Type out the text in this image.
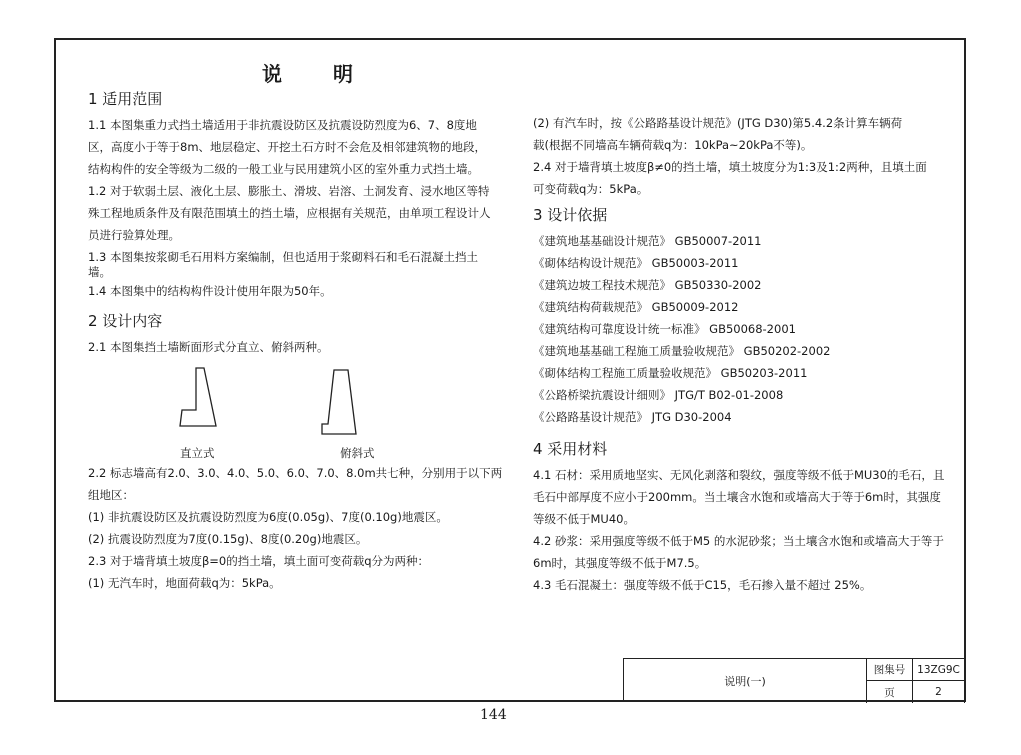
说 明
1 适用范围

1.1 本图集重力式挡土墙适用于非抗震设防区及抗震设防烈度为6、7、8度地

区，高度小于等于8m、地层稳定、开挖土石方时不会危及相邻建筑物的地段，

结构构件的安全等级为二级的一般工业与民用建筑小区的室外重力式挡土墙。

1.2 对于软弱土层、液化土层、膨胀土、滑坡、岩溶、土洞发育、浸水地区等特

殊工程地质条件及有限范围填土的挡土墙，应根据有关规范，由单项工程设计人

员进行验算处理。

1.3 本图集按浆砌毛石用料方案编制，但也适用于浆砌料石和毛石混凝土挡土

墙。

1.4 本图集中的结构构件设计使用年限为50年。

2 设计内容

2.1 本图集挡土墙断面形式分直立、俯斜两种。

直立式	俯斜式

2.2 标志墙高有2.0、3.0、4.0、5.0、6.0、7.0、8.0m共七种，分别用于以下两

组地区：

(1) 非抗震设防区及抗震设防烈度为6度(0.05g)、7度(0.10g)地震区。

(2) 抗震设防烈度为7度(0.15g)、8度(0.20g)地震区。

2.3 对于墙背填土坡度β=0的挡土墙，填土面可变荷载q分为两种：

(1) 无汽车时，地面荷载q为：5kPa。

(2) 有汽车时，按《公路路基设计规范》(JTG D30)第5.4.2条计算车辆荷

载(根据不同墙高车辆荷载q为：10kPa~20kPa不等)。

2.4 对于墙背填土坡度β≠0的挡土墙，填土坡度分为1:3及1:2两种，且填土面

可变荷载q为：5kPa。

3 设计依据

《建筑地基基础设计规范》 GB50007-2011

《砌体结构设计规范》 GB50003-2011

《建筑边坡工程技术规范》 GB50330-2002

《建筑结构荷载规范》 GB50009-2012

《建筑结构可靠度设计统一标准》 GB50068-2001

《建筑地基基础工程施工质量验收规范》 GB50202-2002

《砌体结构工程施工质量验收规范》 GB50203-2011

《公路桥梁抗震设计细则》 JTG/T B02-01-2008

《公路路基设计规范》 JTG D30-2004

4 采用材料

4.1 石材：采用质地坚实、无风化剥落和裂纹，强度等级不低于MU30的毛石，且

毛石中部厚度不应小于200mm。当土壤含水饱和或墙高大于等于6m时，其强度

等级不低于MU40。

4.2 砂浆：采用强度等级不低于M5 的水泥砂浆；当土壤含水饱和或墙高大于等于

6m时，其强度等级不低于M7.5。

4.3 毛石混凝土：强度等级不低于C15，毛石掺入量不超过 25%。

说明(一)
图集号	13ZG9C
页	2
144
